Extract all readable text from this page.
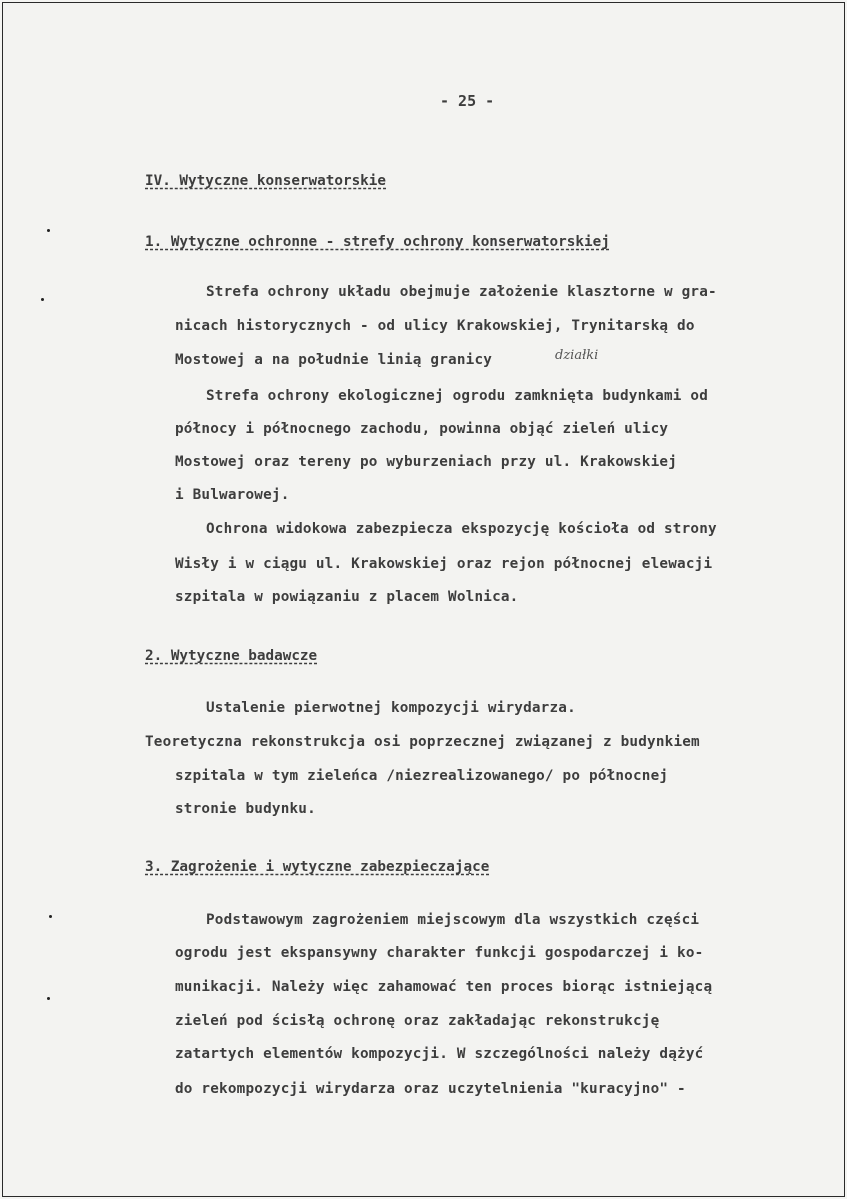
- 25 -
IV. Wytyczne konserwatorskie
1. Wytyczne ochronne - strefy ochrony konserwatorskiej
Strefa ochrony układu obejmuje założenie klasztorne w gra-
nicach historycznych - od ulicy Krakowskiej, Trynitarską do
Mostowej a na południe linią granicy	działki
Strefa ochrony ekologicznej ogrodu zamknięta budynkami od
północy i północnego zachodu, powinna objąć zieleń ulicy
Mostowej oraz tereny po wyburzeniach przy ul. Krakowskiej
i Bulwarowej.
Ochrona widokowa zabezpiecza ekspozycję kościoła od strony
Wisły i w ciągu ul. Krakowskiej oraz rejon północnej elewacji
szpitala w powiązaniu z placem Wolnica.
2. Wytyczne badawcze
Ustalenie pierwotnej kompozycji wirydarza.
Teoretyczna rekonstrukcja osi poprzecznej związanej z budynkiem
szpitala w tym zieleńca /niezrealizowanego/ po północnej
stronie budynku.
3. Zagrożenie i wytyczne zabezpieczające
Podstawowym zagrożeniem miejscowym dla wszystkich części
ogrodu jest ekspansywny charakter funkcji gospodarczej i ko-
munikacji. Należy więc zahamować ten proces biorąc istniejącą
zieleń pod ścisłą ochronę oraz zakładając rekonstrukcję
zatartych elementów kompozycji. W szczególności należy dążyć
do rekompozycji wirydarza oraz uczytelnienia "kuracyjno" -
